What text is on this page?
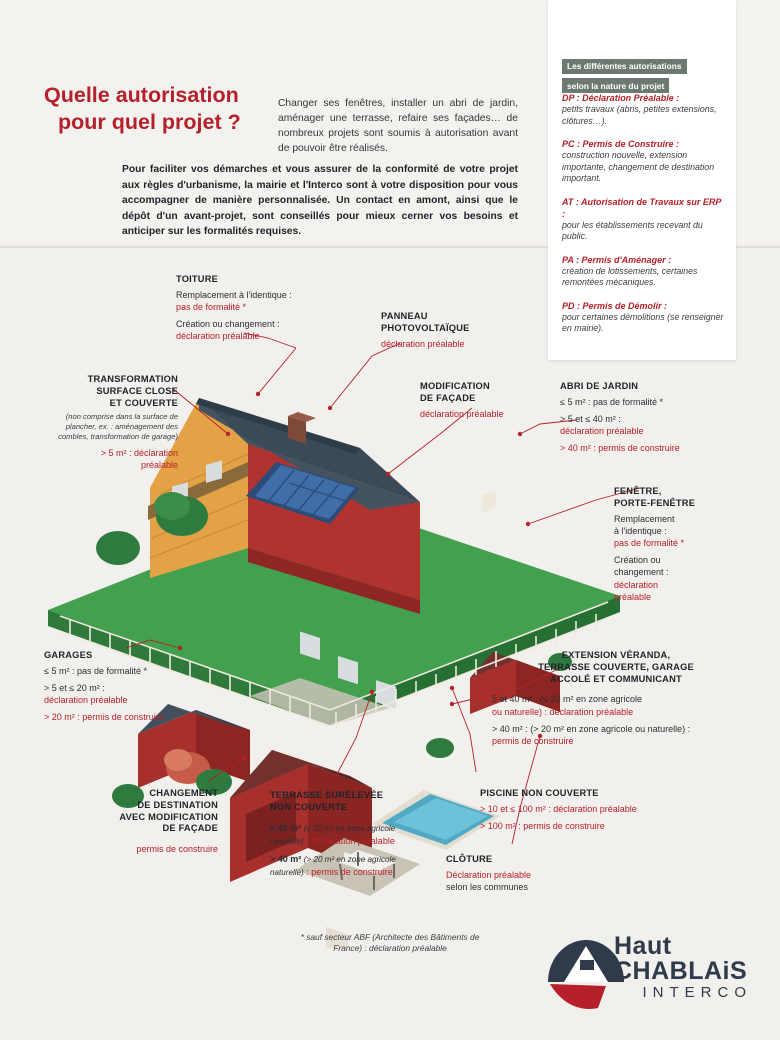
Quelle autorisation
pour quel projet ?
Changer ses fenêtres, installer un abri de jardin, aménager une terrasse, refaire ses façades… de nombreux projets sont soumis à autorisation avant de pouvoir être réalisés.
Pour faciliter vos démarches et vous assurer de la conformité de votre projet aux règles d'urbanisme, la mairie et l'Interco sont à votre disposition pour vous accompagner de manière personnalisée. Un contact en amont, ainsi que le dépôt d'un avant-projet, sont conseillés pour mieux cerner vos besoins et anticiper sur les formalités requises.
Les différentes autorisations
selon la nature du projet
DP : Déclaration Préalable :
petits travaux (abris, petites extensions, clôtures…).
PC : Permis de Construire :
construction nouvelle, extension importante, changement de destination important.
AT : Autorisation de Travaux sur ERP :
pour les établissements recevant du public.
PA : Permis d'Aménager :
création de lotissements, certaines remontées mécaniques.
PD : Permis de Démolir :
pour certaines démolitions (se renseigner en mairie).
TOITURE
Remplacement à l'identique :
pas de formalité *
Création ou changement :
déclaration préalable
PANNEAU
PHOTOVOLTAÏQUE
déclaration préalable
TRANSFORMATION
SURFACE CLOSE
ET COUVERTE
(non comprise dans la surface de plancher, ex. : aménagement des combles, transformation de garage)
> 5 m² : déclaration
préalable
MODIFICATION
DE FAÇADE
déclaration préalable
ABRI DE JARDIN
≤ 5 m² : pas de formalité *
> 5 et ≤ 40 m² :
déclaration préalable
> 40 m² : permis de construire
FENÊTRE,
PORTE-FENÊTRE
Remplacement
à l'identique :
pas de formalité *
Création ou
changement :
déclaration
préalable
GARAGES
≤ 5 m² : pas de formalité *
> 5 et ≤ 20 m² :
déclaration préalable
> 20 m² : permis de construire
EXTENSION VÉRANDA,
TERRASSE COUVERTE, GARAGE
ACCOLÉ ET COMMUNICANT
5 et 40 m² : (≤ 20 m² en zone agricole
ou naturelle) : déclaration préalable
> 40 m² : (> 20 m² en zone agricole ou naturelle) :
permis de construire
CHANGEMENT
DE DESTINATION
AVEC MODIFICATION
DE FAÇADE
permis de construire
TERRASSE SURÉLEVÉE
NON COUVERTE
≤ 40 m² (≤ 20 m² en zone agricole
naturelle) : déclaration préalable
> 40 m² (> 20 m² en zone agricole
naturelle) : permis de construire
PISCINE NON COUVERTE
> 10 et ≤ 100 m² : déclaration préalable
> 100 m² : permis de construire
CLÔTURE
Déclaration préalable
selon les communes
* sauf secteur ABF (Architecte des Bâtiments de France) : déclaration préalable	Haut
CHABLAiS
INTERCO
